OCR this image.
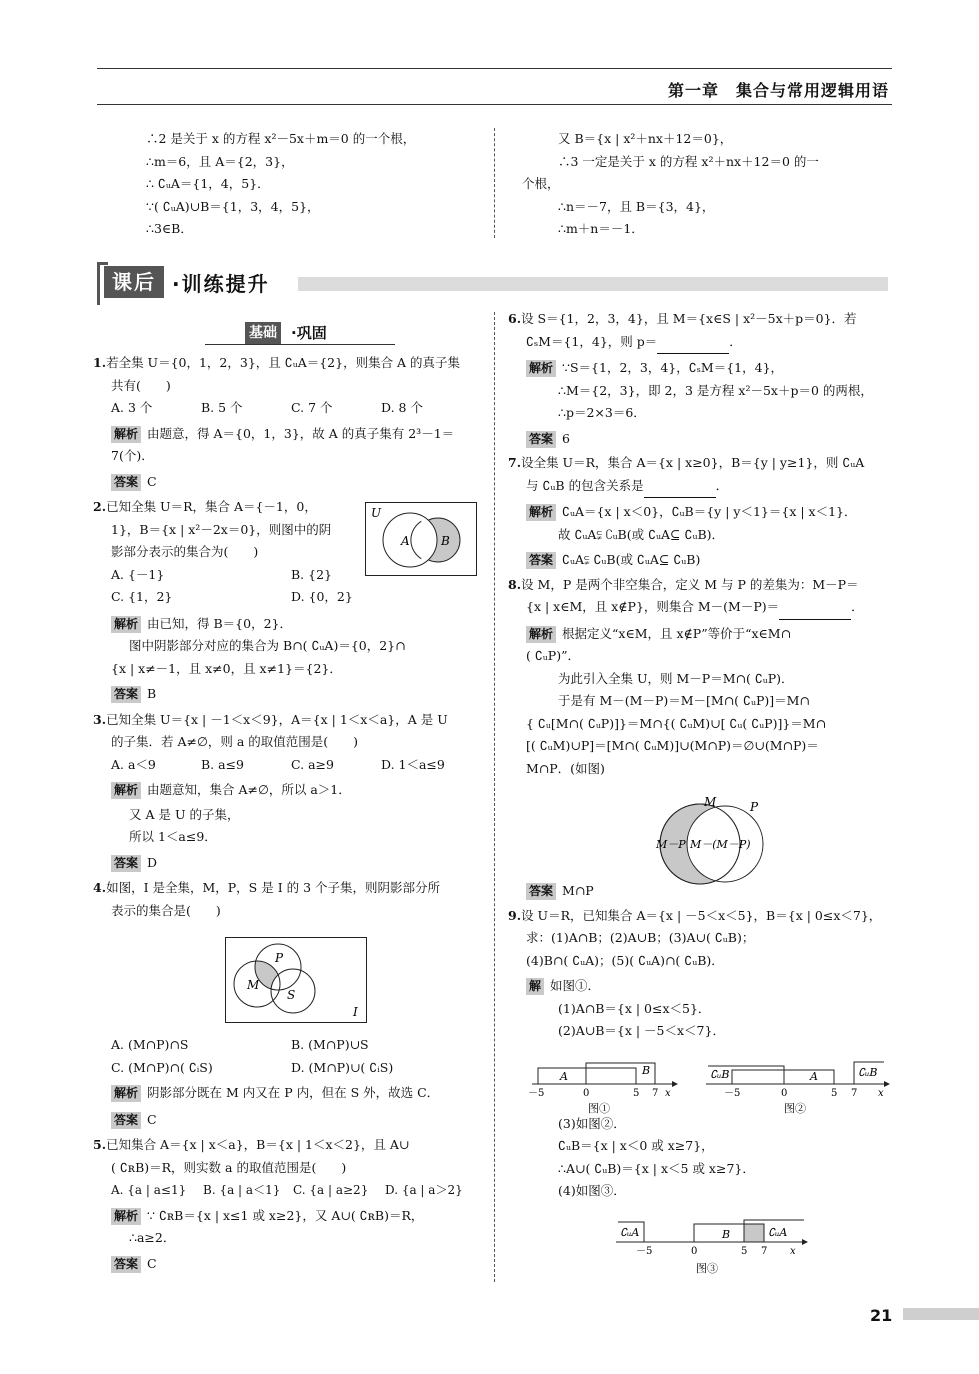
第一章　集合与常用逻辑用语

∴2 是关于 x 的方程 x²－5x＋m＝0 的一个根，

∴m＝6，且 A＝{2，3}，

∴ ∁ᵤA＝{1，4，5}．

∵( ∁ᵤA)∪B＝{1，3，4，5}，

∴3∈B．

又 B＝{x | x²＋nx＋12＝0}，

∴3 一定是关于 x 的方程 x²＋nx＋12＝0 的一

个根，

∴n＝－7，且 B＝{3，4}，

∴m＋n＝－1．

课后 ·训练提升
基础 ·巩固

1.若全集 U＝{0，1，2，3}，且 ∁ᵤA＝{2}，则集合 A 的真子集

共有(　　)

A. 3 个	B. 5 个	C. 7 个	D. 8 个

解析 由题意，得 A＝{0，1，3}，故 A 的真子集有 2³－1＝

7(个)．

答案 C

2.已知全集 U＝R，集合 A＝{－1，0，

1}，B＝{x | x²－2x＝0}，则图中的阴

影部分表示的集合为(　　)

A. {－1}	B. {2}

C. {1，2}	D. {0，2}

解析 由已知，得 B＝{0，2}．

图中阴影部分对应的集合为 B∩( ∁ᵤA)＝{0，2}∩

{x | x≠－1，且 x≠0，且 x≠1}＝{2}．

答案 B

3.已知全集 U＝{x | －1＜x＜9}，A＝{x | 1＜x＜a}，A 是 U

的子集．若 A≠∅，则 a 的取值范围是(　　)

A. a＜9	B. a≤9	C. a≥9	D. 1＜a≤9

解析 由题意知，集合 A≠∅，所以 a＞1．

又 A 是 U 的子集，

所以 1＜a≤9．

答案 D

4.如图，I 是全集，M，P，S 是 I 的 3 个子集，则阴影部分所

表示的集合是(　　)

A. (M∩P)∩S	B. (M∩P)∪S

C. (M∩P)∩( ∁ᵢS)	D. (M∩P)∪( ∁ᵢS)

解析 阴影部分既在 M 内又在 P 内，但在 S 外，故选 C．

答案 C

5.已知集合 A＝{x | x＜a}，B＝{x | 1＜x＜2}，且 A∪

( ∁ʀB)＝R，则实数 a 的取值范围是(　　)

A. {a | a≤1}	B. {a | a＜1}	C. {a | a≥2}	D. {a | a＞2}

解析 ∵ ∁ʀB＝{x | x≤1 或 x≥2}，又 A∪( ∁ʀB)＝R，

∴a≥2．

答案 C

U
A	B
P
M
S
I

6.设 S＝{1，2，3，4}，且 M＝{x∈S | x²－5x＋p＝0}．若

∁ₛM＝{1，4}，则 p＝	．

解析 ∵S＝{1，2，3，4}，∁ₛM＝{1，4}，

∴M＝{2，3}，即 2，3 是方程 x²－5x＋p＝0 的两根，

∴p＝2×3＝6．

答案 6

7.设全集 U＝R，集合 A＝{x | x≥0}，B＝{y | y≥1}，则 ∁ᵤA

与 ∁ᵤB 的包含关系是	．

解析 ∁ᵤA＝{x | x＜0}，∁ᵤB＝{y | y＜1}＝{x | x＜1}．

故 ∁ᵤA⫋ ∁ᵤB(或 ∁ᵤA⊆ ∁ᵤB)．

答案 ∁ᵤA⫋ ∁ᵤB(或 ∁ᵤA⊆ ∁ᵤB)

8.设 M，P 是两个非空集合，定义 M 与 P 的差集为：M－P＝

{x | x∈M，且 x∉P}，则集合 M－(M－P)＝	．

解析 根据定义“x∈M，且 x∉P”等价于“x∈M∩

( ∁ᵤP)”．

为此引入全集 U，则 M－P＝M∩( ∁ᵤP)．

于是有 M－(M－P)＝M－[M∩( ∁ᵤP)]＝M∩

{ ∁ᵤ[M∩( ∁ᵤP)]}＝M∩{( ∁ᵤM)∪[ ∁ᵤ( ∁ᵤP)]}＝M∩

[( ∁ᵤM)∪P]＝[M∩( ∁ᵤM)]∪(M∩P)＝∅∪(M∩P)＝

M∩P．(如图)

答案 M∩P

9.设 U＝R，已知集合 A＝{x | －5＜x＜5}，B＝{x | 0≤x＜7}，

求：(1)A∩B；(2)A∪B；(3)A∪( ∁ᵤB)；

(4)B∩( ∁ᵤA)；(5)( ∁ᵤA)∩( ∁ᵤB)．

解 如图①．

(1)A∩B＝{x | 0≤x＜5}．

(2)A∪B＝{x | －5＜x＜7}．

(3)如图②．

∁ᵤB＝{x | x＜0 或 x≥7}，

∴A∪( ∁ᵤB)＝{x | x＜5 或 x≥7}．

(4)如图③．

M	P
M－P M－(M－P)
A	B
－5	0	5 7 x
图①
∁ᵤB	A	∁ᵤB
－5	0	5 7 x
图②
∁ᵤA	B	∁ᵤA
－5	0	5 7 x
图③
21
